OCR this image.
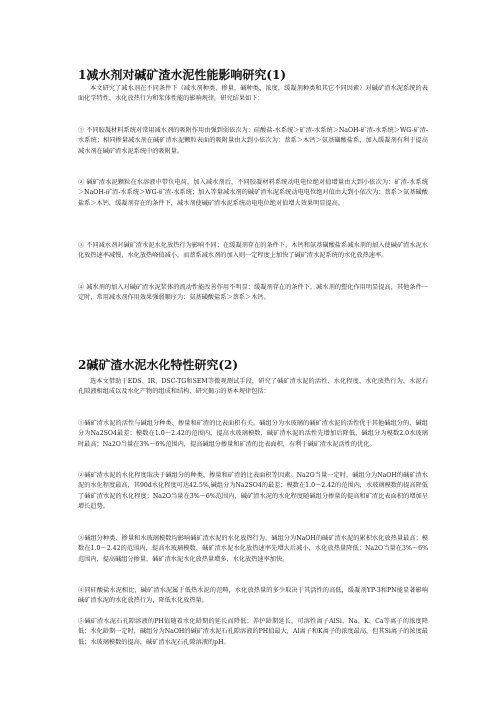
1减水剂对碱矿渣水泥性能影响研究(1)

本文研究了减水剂在不同条件下（减水剂种类、掺量，碱种类、浓度，缓凝剂种类和其它不同因素）对碱矿渣水泥系统的表面化学特性、水化放热行为和浆体性能的影响规律。研究结果如下：

① 不同胶凝材料系统对常用减水剂的吸附作用由强到弱依次为：硅酸盐-水系统＞矿渣-水系统＞NaOH-矿渣-水系统＞WG-矿渣-水系统；相同掺量减水剂在碱矿渣水泥颗粒表面的吸附量由大到小依次为：萘系＞木钙＞氨基磺酸盐系，加入缓凝剂有利于提高减水剂在碱矿渣水泥系统中的吸附量。

② 碱矿渣水泥颗粒在水溶液中带负电荷，加入减水剂后，不同胶凝材料系统动电电位绝对值增量由大到小依次为：矿渣-水系统＞NaOH-矿渣-水系统＞WG-矿渣-水系统；加入等量减水剂的碱矿渣水泥系统动电电位绝对值由大到小依次为：萘系＞氨基磺酸盐系＞木钙，缓凝剂存在的条件下，减水剂使碱矿渣水泥系统动电电位绝对值增大效果明显提高。

③ 不同减水剂对碱矿渣水泥水化放热行为影响不同；在缓凝剂存在的条件下，木钙和氨基磺酸盐系减水剂的加入使碱矿渣水泥水化放热速率减慢，水化放热峰值减小，而萘系减水剂的加入则一定程度上加快了碱矿渣水泥系统的水化放热速率。

④ 减水剂的加入对碱矿渣水泥浆体的流动性能改善作用不明显；缓凝剂存在的条件下，减水剂的塑化作用明显提高，其他条件一定时，常用减水剂作用效果强弱顺序为：氨基磺酸盐系＞萘系＞木钙。

2碱矿渣水泥水化特性研究(2)

选本文借助于EDS、IR、DSC-TG和SEM等微观测试手段，研究了碱矿渣水泥的活性、水化程度、水化放热行为、水泥石孔隙液相组成以及水化产物的组成和结构，研究揭示的基本规律包括：

①碱矿渣水泥的活性与碱组分种类、掺量和矿渣的比表面积有关。碱组分为水玻璃的碱矿渣水泥的活性优于其他碱组分的，碱组分为Na2SO4最差；模数在1.0～2.42的范围内，提高水玻璃模数，碱矿渣水泥的活性先增加后降低，碱组分为模数2.0水玻璃时最高；Na2O当量在3%～6%范围内，提高碱组分掺量和矿渣的比表面积，有利于碱矿渣水泥活性的优化。

②碱矿渣水泥的水化程度取决于碱组分的种类、掺量和矿渣的比表面积等因素。Na2O当量一定时，碱组分为NaOH的碱矿渣水泥的水化程度最高，其90d水化程度可达42.5%,碱组分为Na2SO4的最差；模数在1.0～2.42的范围内，水玻璃模数的提高降低了碱矿渣水泥的水化程度；Na2O当量在3%～6%范围内，碱矿渣水泥的水化程度随碱组分掺量的提高和矿渣比表面积的增加呈增长趋势。

③碱组分种类、掺量和水玻璃模数均影响碱矿渣水泥的水化放热行为。碱组分为NaOH的碱矿渣水泥的累积水化放热量最高；模数在1.0～2.42的范围内，提高水玻璃模数，碱矿渣水泥水化放热速率先增大后减小，水化放热量降低；Na2O当量在3%～6%范围内，提高碱组分掺量，碱矿渣水泥水化放热量增多，水化放热速率加快。

④同硅酸盐水泥相比，碱矿渣水泥属于低热水泥的范畴，水化放热量的多少取决于其活性的高低，缓凝剂YP-3和PN能显著影响碱矿渣水泥的水化放热行为，降低水化放热量。

⑤碱矿渣水泥石孔隙溶液的PH值随着水化龄期的延长而降低；养护龄期延长，可溶性离子AlSi、Na、K、Ca等离子的浓度降低；水化龄期一定时，碱组分为NaOH的碱矿渣水泥石孔隙溶液的PH值最大，Al离子和K离子的浓度最高，但其Si离子的浓度最低；水玻璃模数的提高，碱矿渣水泥石孔隙溶液的pH。
